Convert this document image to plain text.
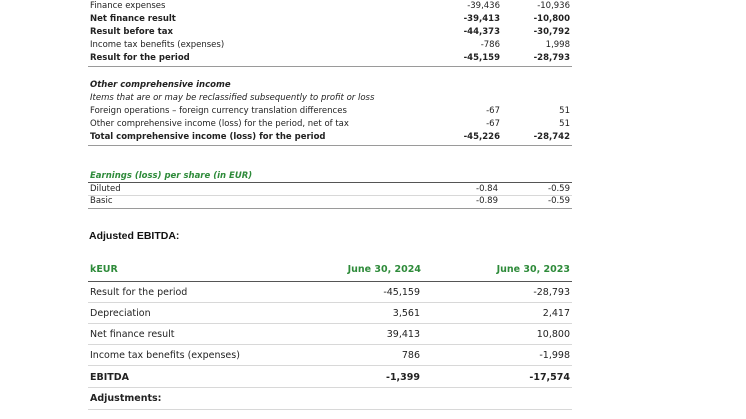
Finance expenses	-39,436	-10,936
Net finance result	-39,413	-10,800
Result before tax	-44,373	-30,792
Income tax benefits (expenses)	-786	1,998
Result for the period	-45,159	-28,793
Other comprehensive income
Items that are or may be reclassified subsequently to profit or loss
Foreign operations – foreign currency translation differences	-67	51
Other comprehensive income (loss) for the period, net of tax	-67	51
Total comprehensive income (loss) for the period	-45,226	-28,742
Earnings (loss) per share (in EUR)
Diluted	-0.84	-0.59
Basic	-0.89	-0.59
Adjusted EBITDA:
kEUR	June 30, 2024	June 30, 2023
Result for the period	-45,159	-28,793
Depreciation	3,561	2,417
Net finance result	39,413	10,800
Income tax benefits (expenses)	786	-1,998
EBITDA	-1,399	-17,574
Adjustments:
